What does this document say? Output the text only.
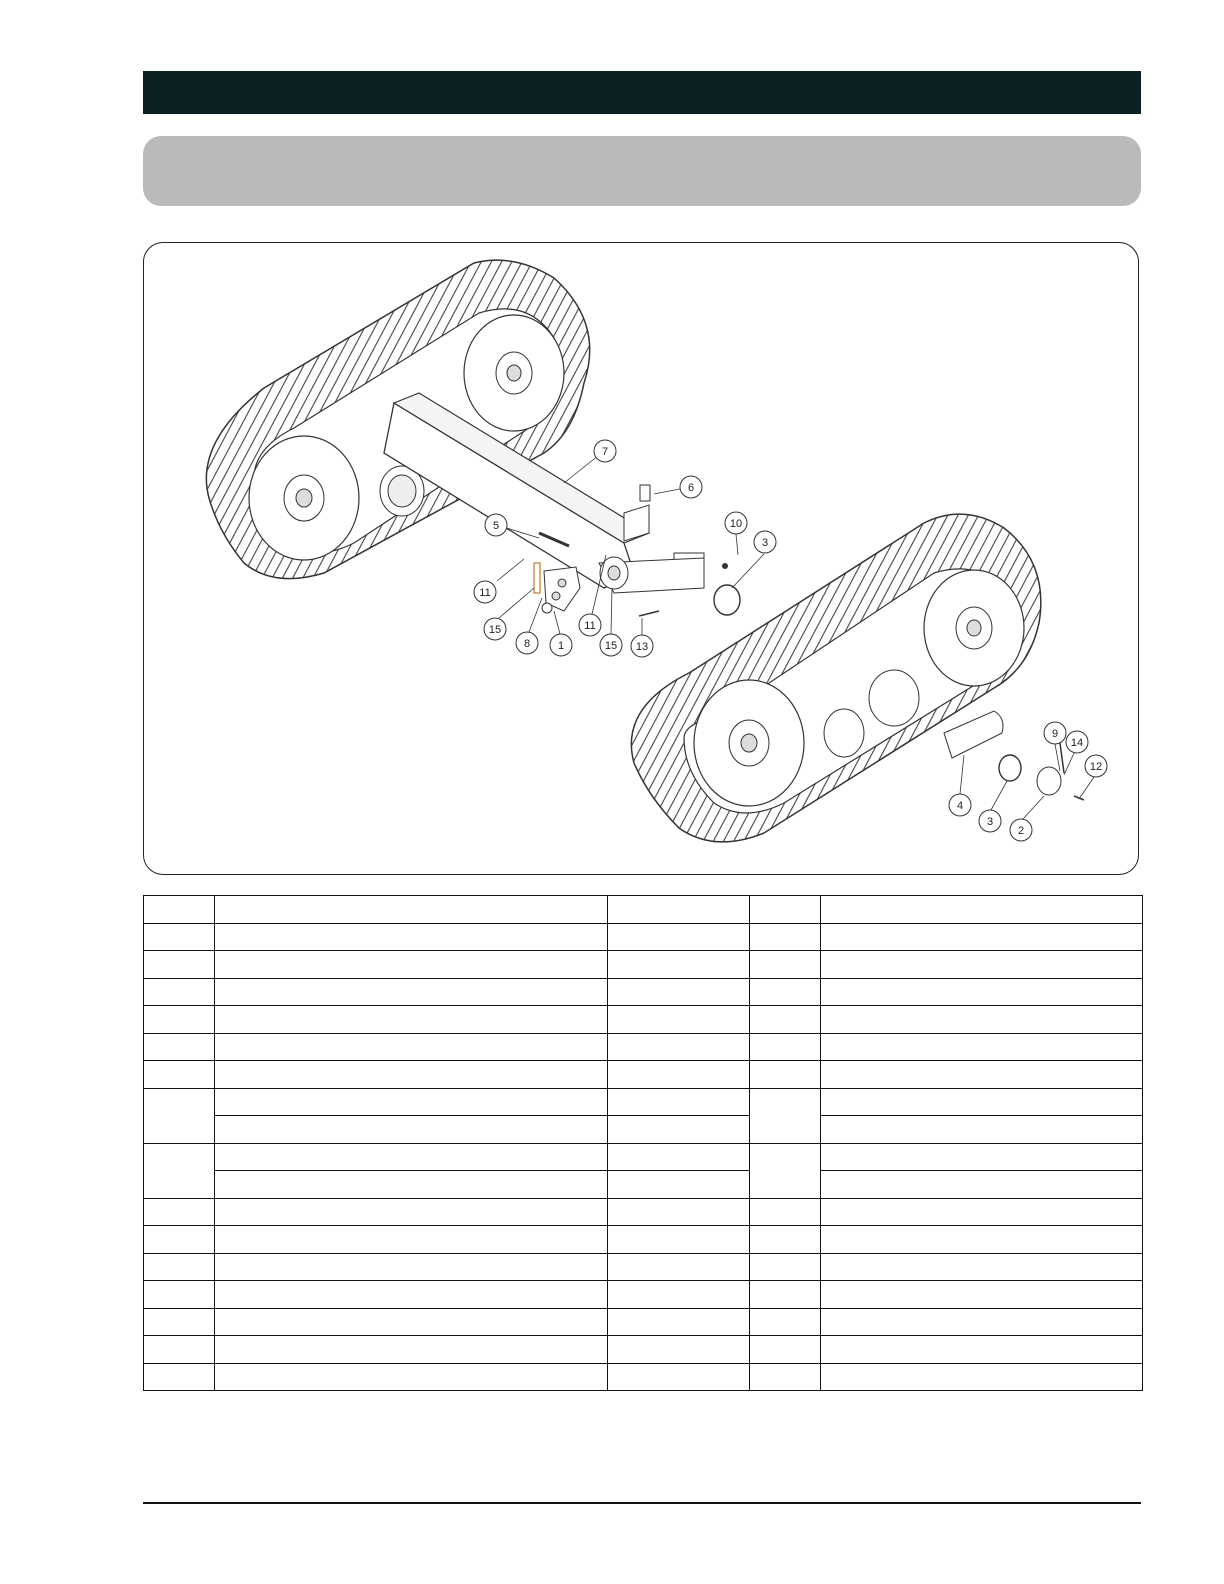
7
6
5	10
3
11
15
8	1
11
15 13
9
14
12
4
3
2
